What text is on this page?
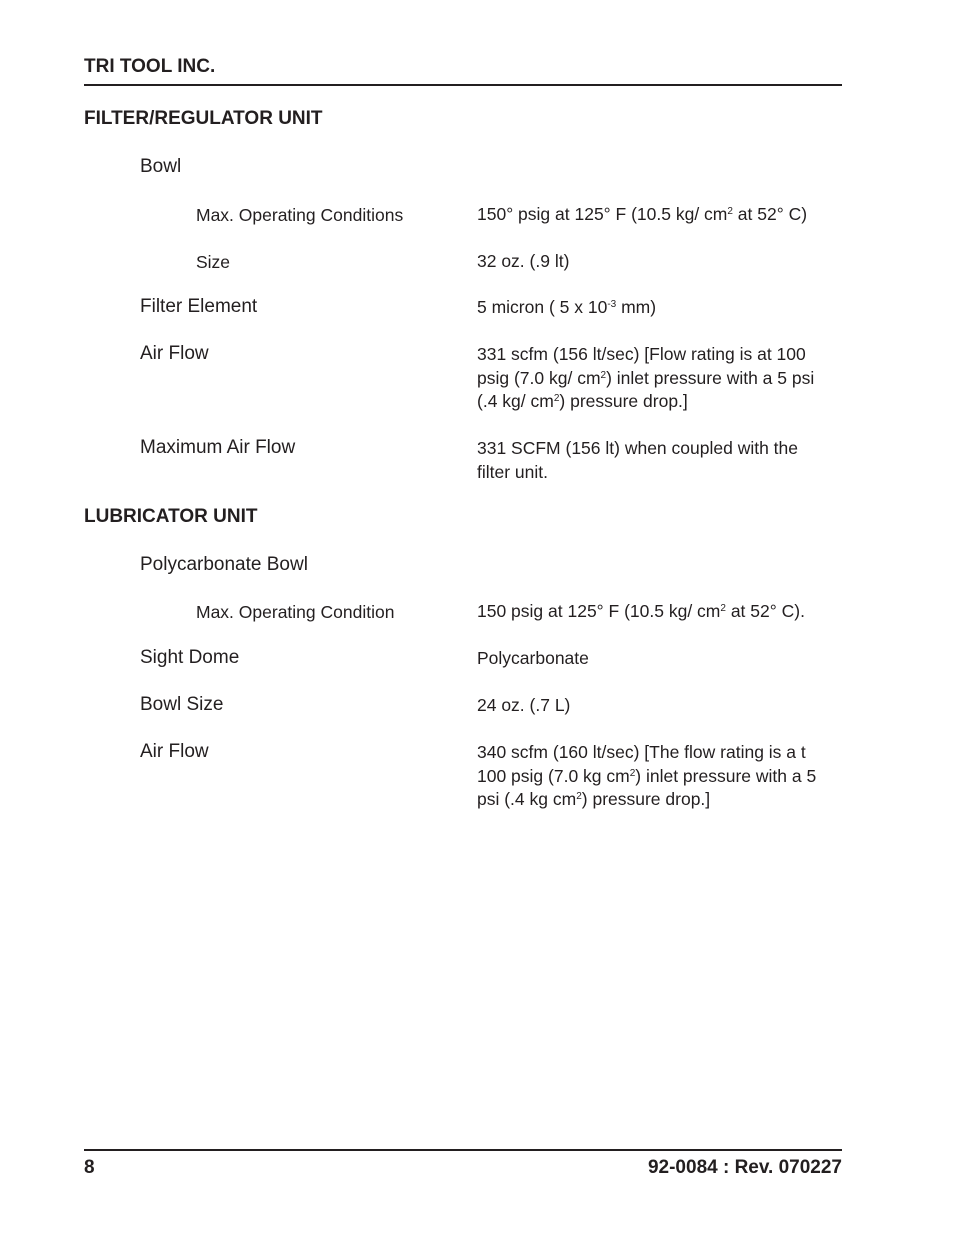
TRI TOOL INC.
FILTER/REGULATOR UNIT
Bowl
Max. Operating Conditions	150° psig at 125° F (10.5 kg/ $cm^2$ at 52° C)
Size	32 oz. (.9 lt)
Filter Element	5 micron ( 5 x $10^{-3}$ mm)
Air Flow	331 scfm (156 lt/sec) [Flow rating is at 100
psig (7.0 kg/ $cm^2$) inlet pressure with a 5 psi
(.4 kg/ $cm^2$) pressure drop.]
Maximum Air Flow	331 SCFM (156 lt) when coupled with the
filter unit.
LUBRICATOR UNIT
Polycarbonate Bowl
Max. Operating Condition	150 psig at 125° F (10.5 kg/ $cm^2$ at 52° C).
Sight Dome	Polycarbonate
Bowl Size	24 oz. (.7 L)
Air Flow	340 scfm (160 lt/sec) [The flow rating is a t
100 psig (7.0 kg $cm^2$) inlet pressure with a 5
psi (.4 kg $cm^2$) pressure drop.]
8	92-0084 : Rev. 070227
